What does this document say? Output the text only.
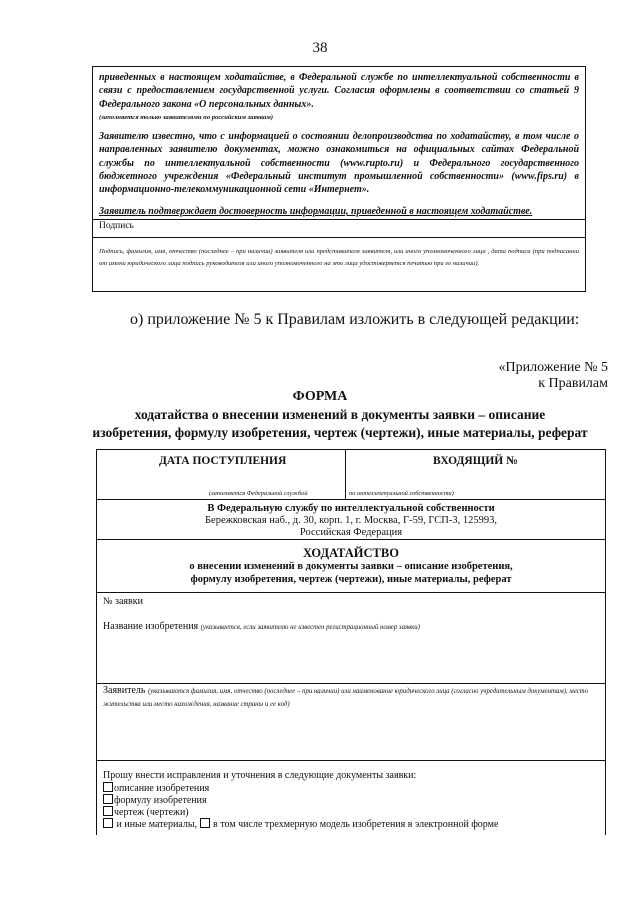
38
приведенных в настоящем ходатайстве, в Федеральной службе по интеллектуальной собственности в связи с предоставлением государственной услуги. Согласия оформлены в соответствии со статьей 9 Федерального закона «О персональных данных».
(заполняется только заявителями по российским заявкам)
Заявителю известно, что с информацией о состоянии делопроизводства по ходатайству, в том числе о направленных заявителю документах, можно ознакомиться на официальных сайтах Федеральной службы по интеллектуальной собственности (www.rupto.ru) и Федерального государственного бюджетного учреждения «Федеральный институт промышленной собственности» (www.fips.ru) в информационно-телекоммуникационной сети «Интернет».
Заявитель подтверждает достоверность информации, приведенной в настоящем ходатайстве.
Подпись
Подпись, фамилия, имя, отчество (последнее – при наличии) заявителя или представителя заявителя, или иного уполномоченного лица , дата подписи (при подписании от имени юридического лица подпись руководителя или иного уполномоченного на это лица удостоверяется печатью при ее наличии).
о) приложение № 5 к Правилам изложить в следующей редакции:
«Приложение № 5
к Правилам
ФОРМА
ходатайства о внесении изменений в документы заявки – описание
изобретения, формулу изобретения, чертеж (чертежи), иные материалы, реферат
ДАТА ПОСТУПЛЕНИЯ	ВХОДЯЩИЙ №
(заполняется Федеральной службой	по интеллектуальной собственности)
В Федеральную службу по интеллектуальной собственности
Бережковская наб., д. 30, корп. 1, г. Москва, Г-59, ГСП-3, 125993,
Российская Федерация
ХОДАТАЙСТВО
о внесении изменений в документы заявки – описание изобретения,
формулу изобретения, чертеж (чертежи), иные материалы, реферат
№ заявки
Название изобретения (указывается, если заявителю не известен регистрационный номер заявки)
Заявитель (указываются фамилия, имя, отчество (последнее – при наличии) или наименование юридического лица (согласно учредительным документам), место жительства или место нахождения, название страны и ее код)
Прошу внести исправления и уточнения в следующие документы заявки:
описание изобретения
формулу изобретения
чертеж (чертежи)
и иные материалы, в том числе трехмерную модель изобретения в электронной форме
